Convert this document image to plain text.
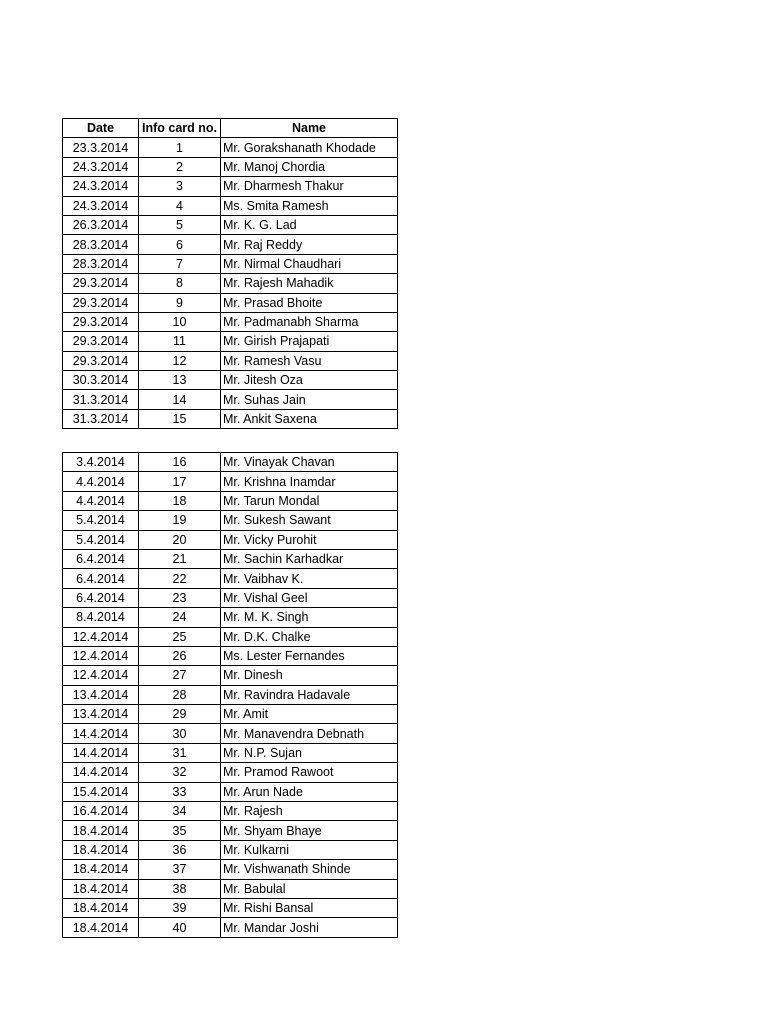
Date	Info card no.	Name
23.3.2014	1	Mr. Gorakshanath Khodade
24.3.2014	2	Mr. Manoj Chordia
24.3.2014	3	Mr. Dharmesh Thakur
24.3.2014	4	Ms. Smita Ramesh
26.3.2014	5	Mr. K. G. Lad
28.3.2014	6	Mr. Raj Reddy
28.3.2014	7	Mr. Nirmal Chaudhari
29.3.2014	8	Mr. Rajesh Mahadik
29.3.2014	9	Mr. Prasad Bhoite
29.3.2014	10	Mr. Padmanabh Sharma
29.3.2014	11	Mr. Girish Prajapati
29.3.2014	12	Mr. Ramesh Vasu
30.3.2014	13	Mr. Jitesh Oza
31.3.2014	14	Mr. Suhas Jain
31.3.2014	15	Mr. Ankit Saxena
3.4.2014	16	Mr. Vinayak Chavan
4.4.2014	17	Mr. Krishna Inamdar
4.4.2014	18	Mr. Tarun Mondal
5.4.2014	19	Mr. Sukesh Sawant
5.4.2014	20	Mr. Vicky Purohit
6.4.2014	21	Mr. Sachin Karhadkar
6.4.2014	22	Mr. Vaibhav K.
6.4.2014	23	Mr. Vishal Geel
8.4.2014	24	Mr. M. K. Singh
12.4.2014	25	Mr. D.K. Chalke
12.4.2014	26	Ms. Lester Fernandes
12.4.2014	27	Mr. Dinesh
13.4.2014	28	Mr. Ravindra Hadavale
13.4.2014	29	Mr. Amit
14.4.2014	30	Mr. Manavendra Debnath
14.4.2014	31	Mr. N.P. Sujan
14.4.2014	32	Mr. Pramod Rawoot
15.4.2014	33	Mr. Arun Nade
16.4.2014	34	Mr. Rajesh
18.4.2014	35	Mr. Shyam Bhaye
18.4.2014	36	Mr. Kulkarni
18.4.2014	37	Mr. Vishwanath Shinde
18.4.2014	38	Mr. Babulal
18.4.2014	39	Mr. Rishi Bansal
18.4.2014	40	Mr. Mandar Joshi
